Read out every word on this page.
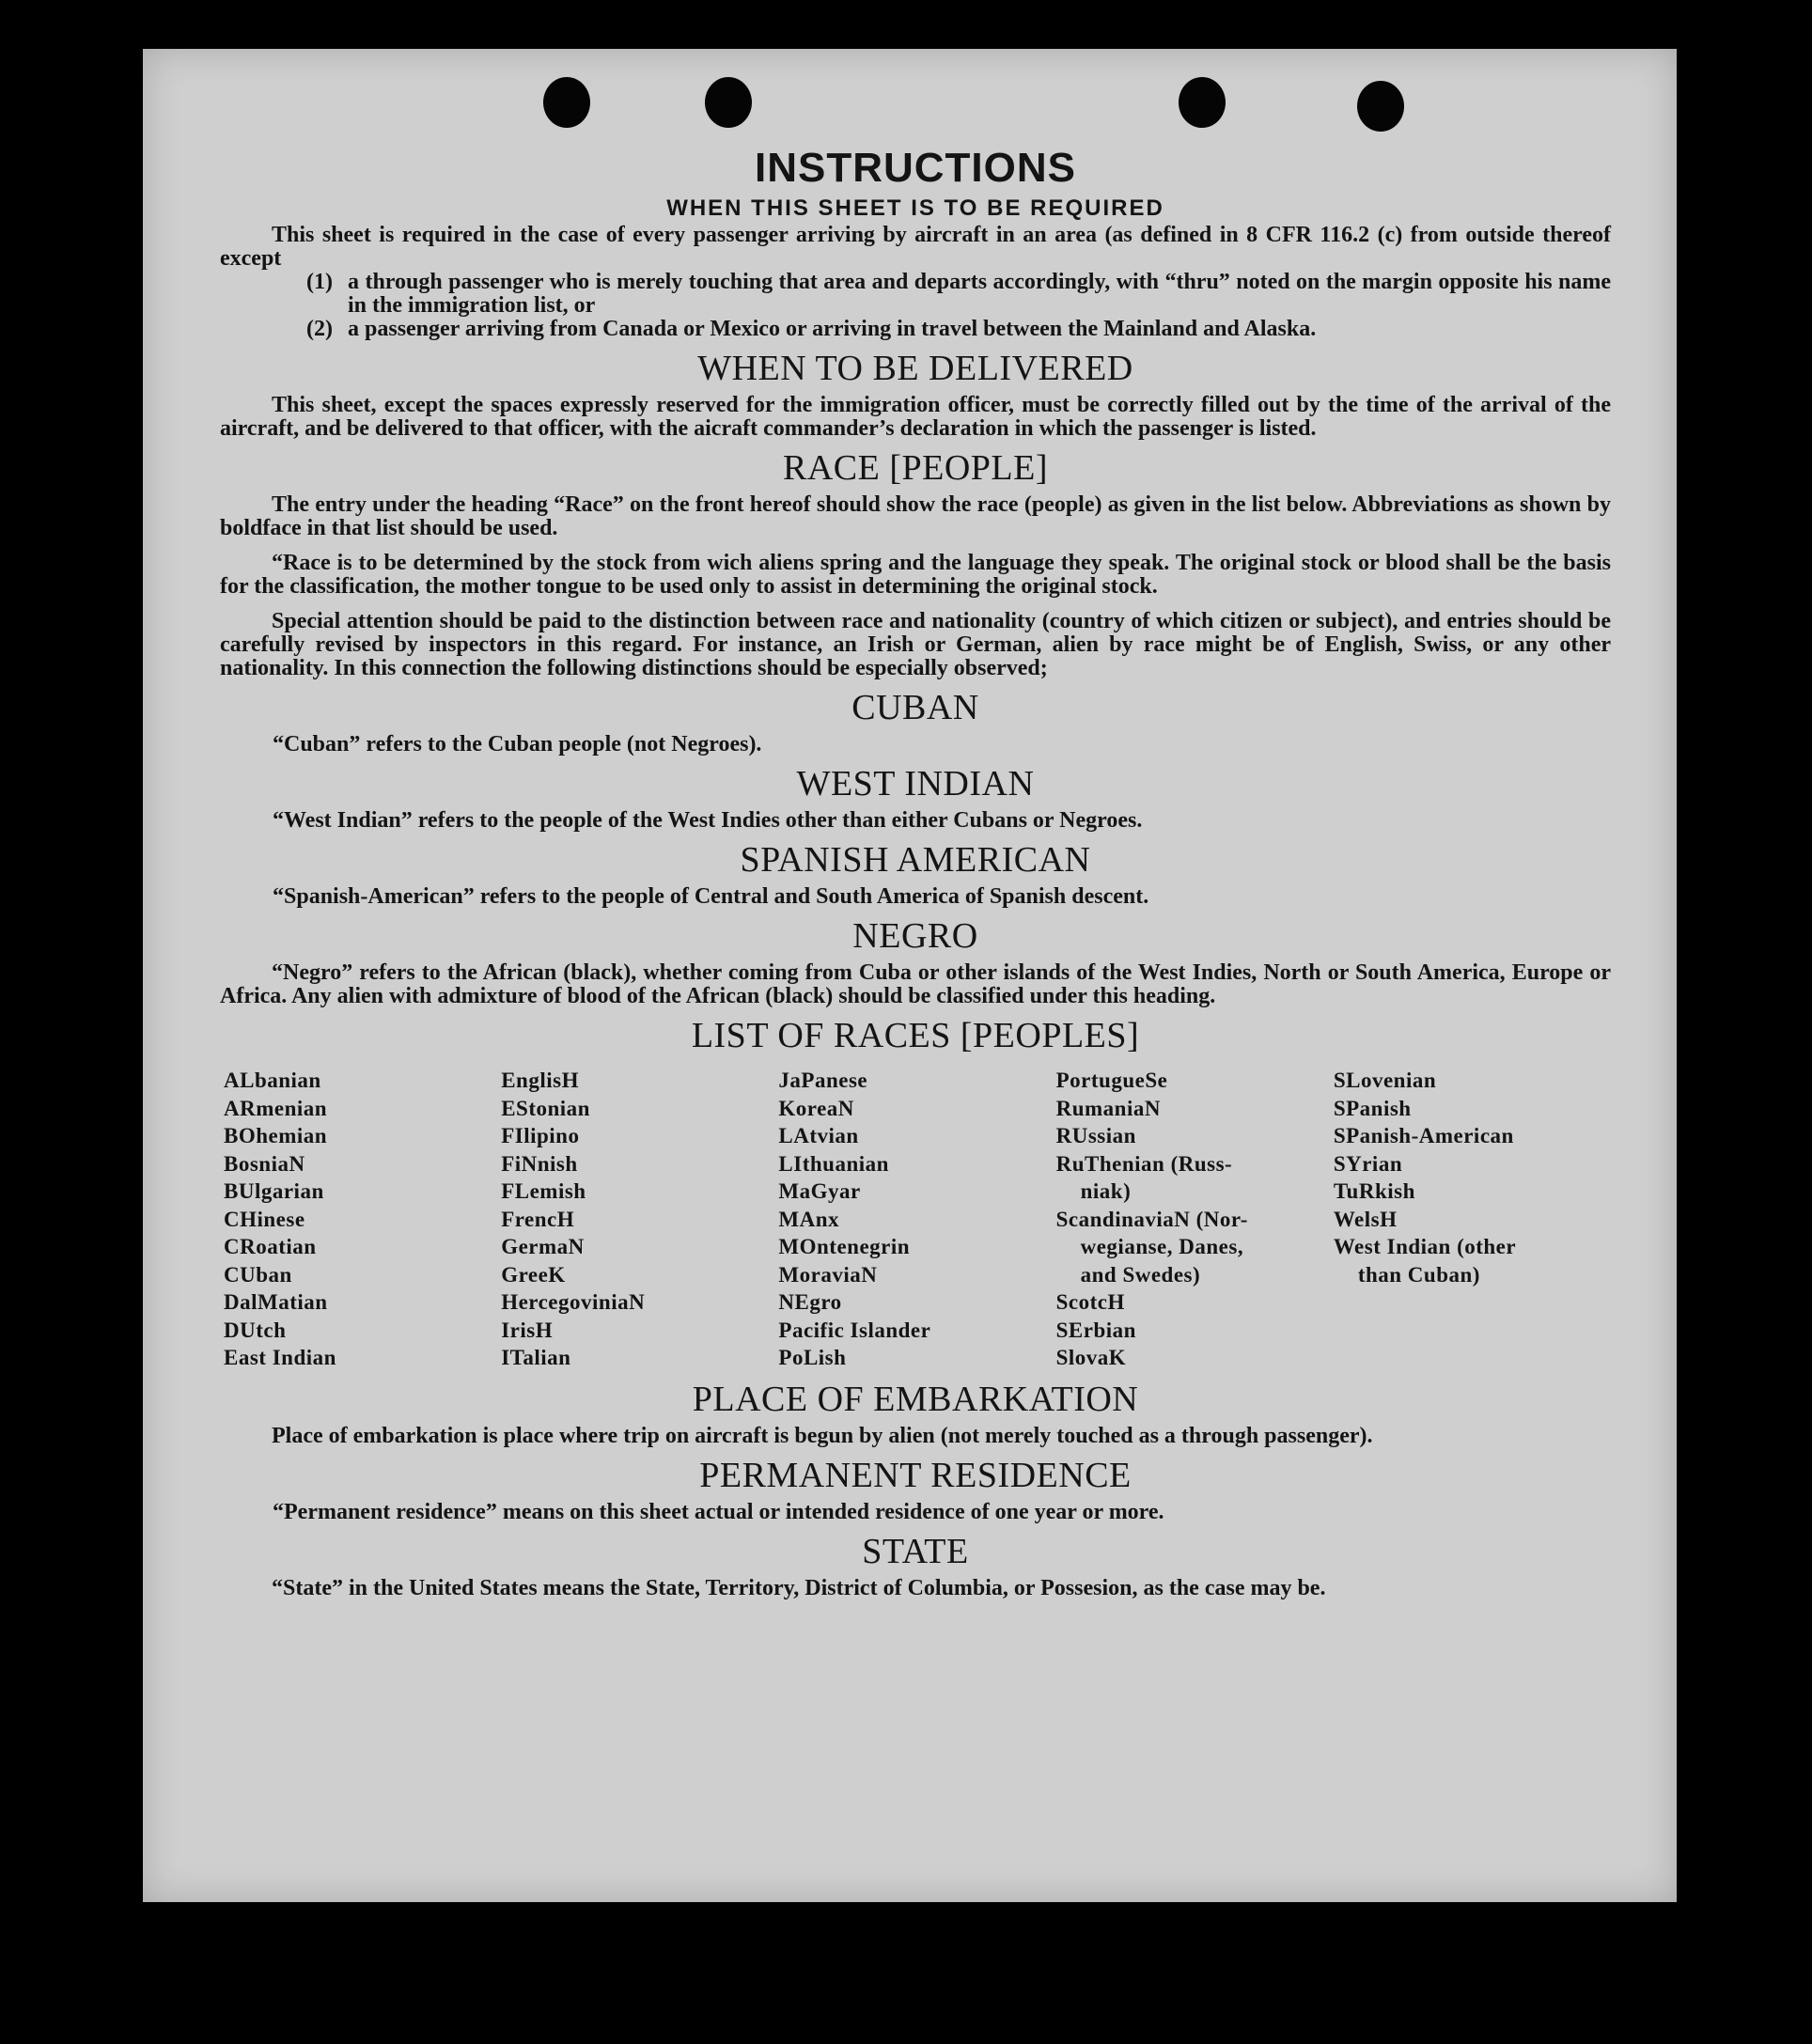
INSTRUCTIONS
WHEN THIS SHEET IS TO BE REQUIRED

This sheet is required in the case of every passenger arriving by aircraft in an area (as defined in 8 CFR 116.2 (c) from outside thereof except

(1) a through passenger who is merely touching that area and departs accordingly, with “thru” noted on the margin opposite his name in the immigration list, or
(2) a passenger arriving from Canada or Mexico or arriving in travel between the Mainland and Alaska.
WHEN TO BE DELIVERED

This sheet, except the spaces expressly reserved for the immigration officer, must be correctly filled out by the time of the arrival of the aircraft, and be delivered to that officer, with the aicraft commander’s declaration in which the passenger is listed.

RACE [PEOPLE]

The entry under the heading “Race” on the front hereof should show the race (people) as given in the list below. Abbreviations as shown by boldface in that list should be used.

“Race is to be determined by the stock from wich aliens spring and the language they speak. The original stock or blood shall be the basis for the classification, the mother tongue to be used only to assist in determining the original stock.

Special attention should be paid to the distinction between race and nationality (country of which citizen or subject), and entries should be carefully revised by inspectors in this regard. For instance, an Irish or German, alien by race might be of English, Swiss, or any other nationality. In this connection the following distinctions should be especially observed;

CUBAN

“Cuban” refers to the Cuban people (not Negroes).

WEST INDIAN

“West Indian” refers to the people of the West Indies other than either Cubans or Negroes.

SPANISH AMERICAN

“Spanish-American” refers to the people of Central and South America of Spanish descent.

NEGRO

“Negro” refers to the African (black), whether coming from Cuba or other islands of the West Indies, North or South America, Europe or Africa. Any alien with admixture of blood of the African (black) should be classified under this heading.

LIST OF RACES [PEOPLES]
ALbanian
ARmenian
BOhemian
BosniaN
BUlgarian
CHinese
CRoatian
CUban
DalMatian
DUtch
East Indian
EnglisH
EStonian
FIlipino
FiNnish
FLemish
FrencH
GermaN
GreeK
HercegoviniaN
IrisH
ITalian
JaPanese
KoreaN
LAtvian
LIthuanian
MaGyar
MAnx
MOntenegrin
MoraviaN
NEgro
Pacific Islander
PoLish
PortugueSe
RumaniaN
RUssian
RuThenian (Russ-
niak)
ScandinaviaN (Nor-
wegianse, Danes,
and Swedes)
ScotcH
SErbian
SlovaK
SLovenian
SPanish
SPanish-American
SYrian
TuRkish
WelsH
West Indian (other
than Cuban)
PLACE OF EMBARKATION

Place of embarkation is place where trip on aircraft is begun by alien (not merely touched as a through passenger).

PERMANENT RESIDENCE

“Permanent residence” means on this sheet actual or intended residence of one year or more.

STATE

“State” in the United States means the State, Territory, District of Columbia, or Possesion, as the case may be.
